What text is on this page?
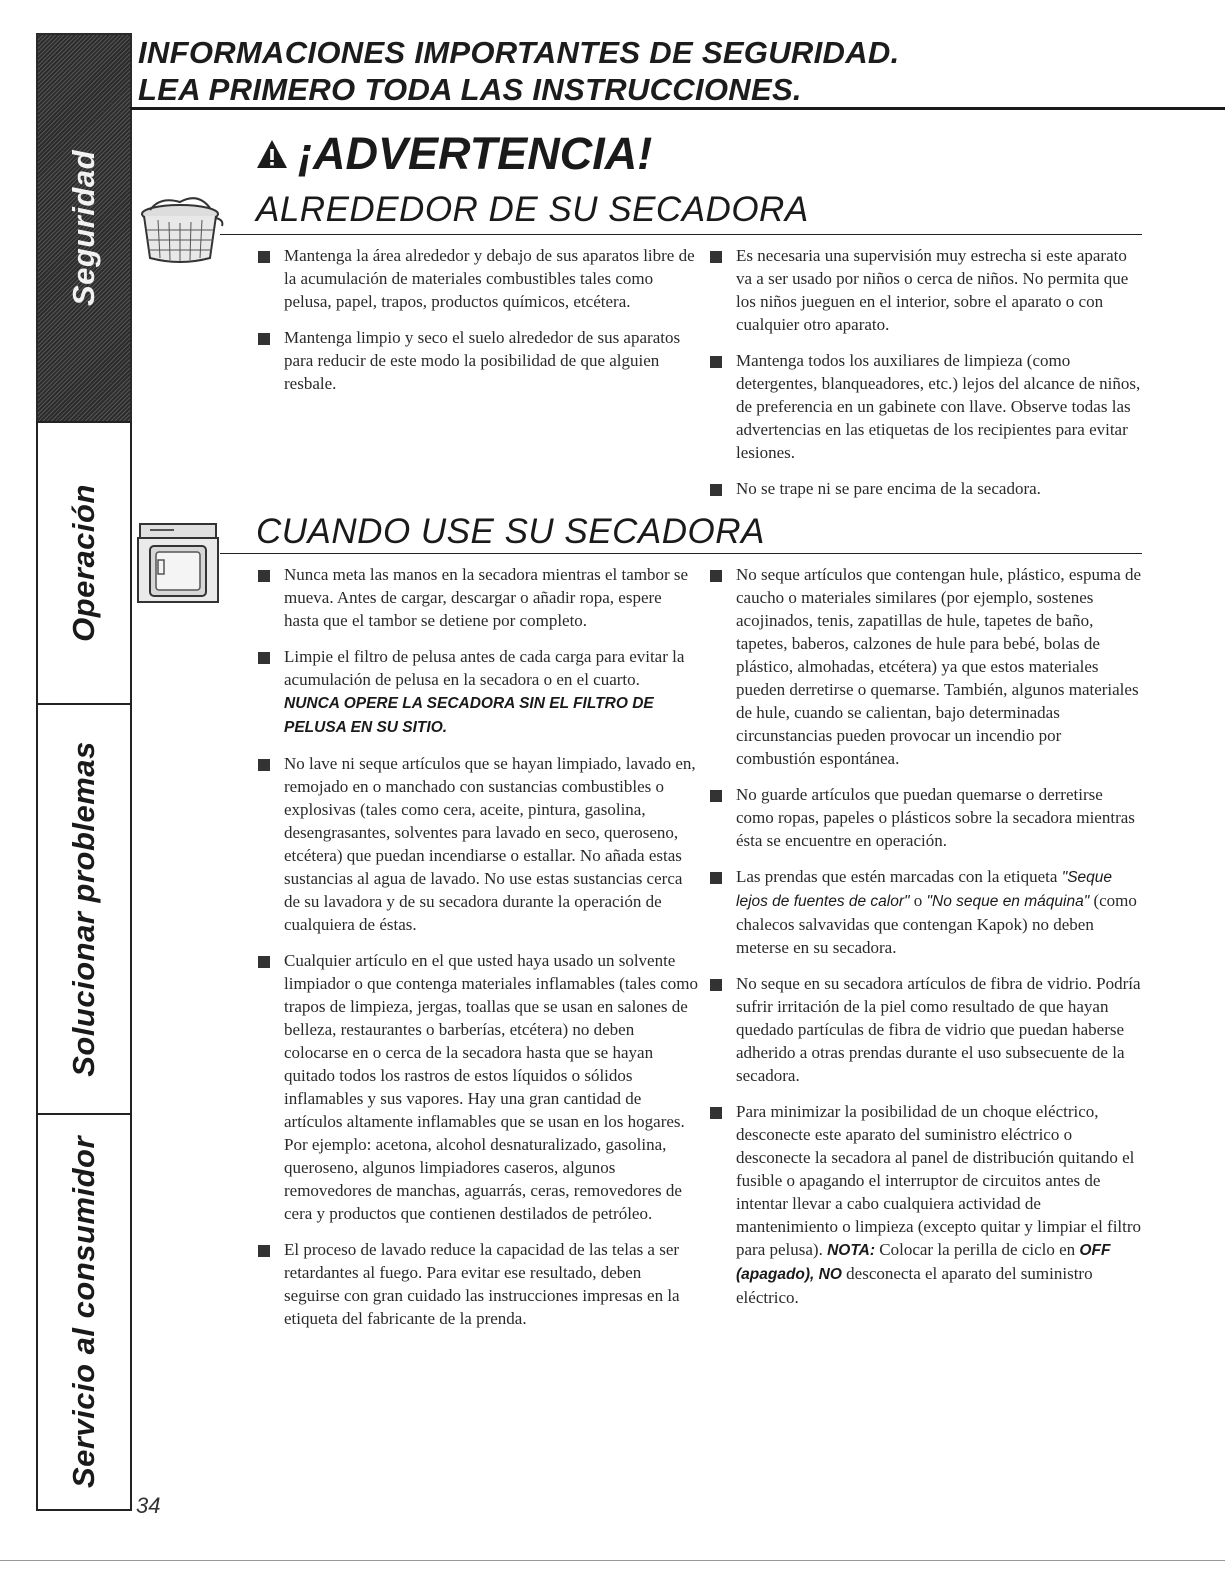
Seguridad
Operación
Solucionar problemas
Servicio al consumidor

INFORMACIONES IMPORTANTES DE SEGURIDAD.

LEA PRIMERO TODA LAS INSTRUCCIONES.

¡ADVERTENCIA!
ALREDEDOR DE SU SECADORA
Mantenga la área alrededor y debajo de sus aparatos libre de la acumulación de materiales combustibles tales como pelusa, papel, trapos, productos químicos, etcétera.
Mantenga limpio y seco el suelo alrededor de sus aparatos para reducir de este modo la posibilidad de que alguien resbale.
Es necesaria una supervisión muy estrecha si este aparato va a ser usado por niños o cerca de niños. No permita que los niños jueguen en el interior, sobre el aparato o con cualquier otro aparato.
Mantenga todos los auxiliares de limpieza (como detergentes, blanqueadores, etc.) lejos del alcance de niños, de preferencia en un gabinete con llave. Observe todas las advertencias en las etiquetas de los recipientes para evitar lesiones.
No se trape ni se pare encima de la secadora.
CUANDO USE SU SECADORA
Nunca meta las manos en la secadora mientras el tambor se mueva. Antes de cargar, descargar o añadir ropa, espere hasta que el tambor se detiene por completo.
Limpie el filtro de pelusa antes de cada carga para evitar la acumulación de pelusa en la secadora o en el cuarto. NUNCA OPERE LA SECADORA SIN EL FILTRO DE PELUSA EN SU SITIO.
No lave ni seque artículos que se hayan limpiado, lavado en, remojado en o manchado con sustancias combustibles o explosivas (tales como cera, aceite, pintura, gasolina, desengrasantes, solventes para lavado en seco, queroseno, etcétera) que puedan incendiarse o estallar. No añada estas sustancias al agua de lavado. No use estas sustancias cerca de su lavadora y de su secadora durante la operación de cualquiera de éstas.
Cualquier artículo en el que usted haya usado un solvente limpiador o que contenga materiales inflamables (tales como trapos de limpieza, jergas, toallas que se usan en salones de belleza, restaurantes o barberías, etcétera) no deben colocarse en o cerca de la secadora hasta que se hayan quitado todos los rastros de estos líquidos o sólidos inflamables y sus vapores. Hay una gran cantidad de artículos altamente inflamables que se usan en los hogares. Por ejemplo: acetona, alcohol desnaturalizado, gasolina, queroseno, algunos limpiadores caseros, algunos removedores de manchas, aguarrás, ceras, removedores de cera y productos que contienen destilados de petróleo.
El proceso de lavado reduce la capacidad de las telas a ser retardantes al fuego. Para evitar ese resultado, deben seguirse con gran cuidado las instrucciones impresas en la etiqueta del fabricante de la prenda.
No seque artículos que contengan hule, plástico, espuma de caucho o materiales similares (por ejemplo, sostenes acojinados, tenis, zapatillas de hule, tapetes de baño, tapetes, baberos, calzones de hule para bebé, bolas de plástico, almohadas, etcétera) ya que estos materiales pueden derretirse o quemarse. También, algunos materiales de hule, cuando se calientan, bajo determinadas circunstancias pueden provocar un incendio por combustión espontánea.
No guarde artículos que puedan quemarse o derretirse como ropas, papeles o plásticos sobre la secadora mientras ésta se encuentre en operación.
Las prendas que estén marcadas con la etiqueta "Seque lejos de fuentes de calor" o "No seque en máquina" (como chalecos salvavidas que contengan Kapok) no deben meterse en su secadora.
No seque en su secadora artículos de fibra de vidrio. Podría sufrir irritación de la piel como resultado de que hayan quedado partículas de fibra de vidrio que puedan haberse adherido a otras prendas durante el uso subsecuente de la secadora.
Para minimizar la posibilidad de un choque eléctrico, desconecte este aparato del suministro eléctrico o desconecte la secadora al panel de distribución quitando el fusible o apagando el interruptor de circuitos antes de intentar llevar a cabo cualquiera actividad de mantenimiento o limpieza (excepto quitar y limpiar el filtro para pelusa). NOTA: Colocar la perilla de ciclo en OFF (apagado), NO desconecta el aparato del suministro eléctrico.
34
